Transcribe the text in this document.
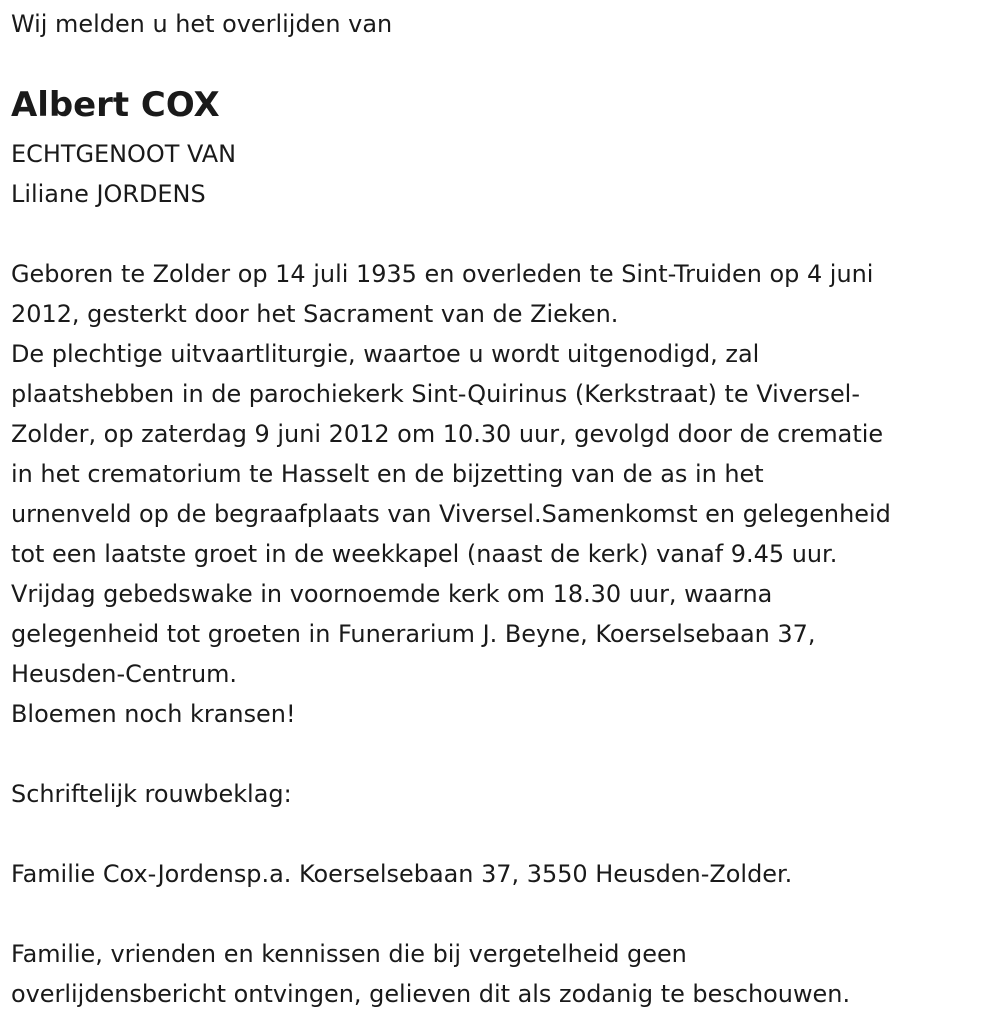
Wij melden u het overlijden van
Albert COX
ECHTGENOOT VAN
Liliane JORDENS
Geboren te Zolder op 14 juli 1935 en overleden te Sint-Truiden op 4 juni
2012, gesterkt door het Sacrament van de Zieken.
De plechtige uitvaartliturgie, waartoe u wordt uitgenodigd, zal
plaatshebben in de parochiekerk Sint-Quirinus (Kerkstraat) te Viversel-
Zolder, op zaterdag 9 juni 2012 om 10.30 uur, gevolgd door de crematie
in het crematorium te Hasselt en de bijzetting van de as in het
urnenveld op de begraafplaats van Viversel.Samenkomst en gelegenheid
tot een laatste groet in de weekkapel (naast de kerk) vanaf 9.45 uur.
Vrijdag gebedswake in voornoemde kerk om 18.30 uur, waarna
gelegenheid tot groeten in Funerarium J. Beyne, Koerselsebaan 37,
Heusden-Centrum.
Bloemen noch kransen!
Schriftelijk rouwbeklag:
Familie Cox-Jordensp.a. Koerselsebaan 37, 3550 Heusden-Zolder.
Familie, vrienden en kennissen die bij vergetelheid geen
overlijdensbericht ontvingen, gelieven dit als zodanig te beschouwen.
